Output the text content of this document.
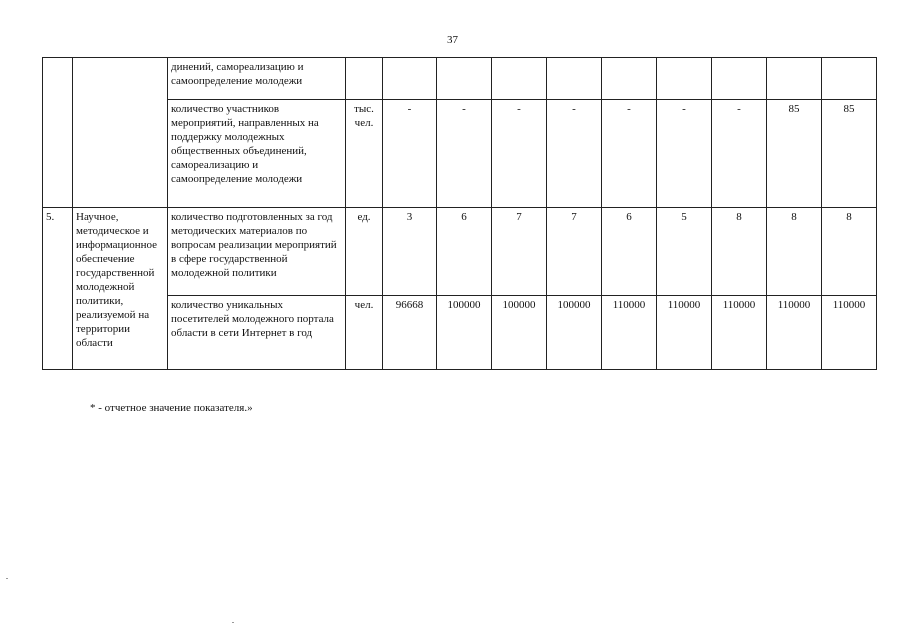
37
		динений, самореализацию и самоопределение молодежи										
		количество участников мероприятий, направленных на поддержку молодежных общественных объединений, самореализацию и самоопределение молодежи	тыс. чел.	-	-	-	-	-	-	-	85	85
5.	Научное, методическое и информационное обеспечение государственной молодежной политики, реализуемой на территории области	количество подготовленных за год методических материалов по вопросам реализации мероприятий в сфере государственной молодежной политики	ед.	3	6	7	7	6	5	8	8	8
		количество уникальных посетителей молодежного портала области в сети Интернет в год	чел.	96668	100000	100000	100000	110000	110000	110000	110000	110000
* - отчетное значение показателя.»
